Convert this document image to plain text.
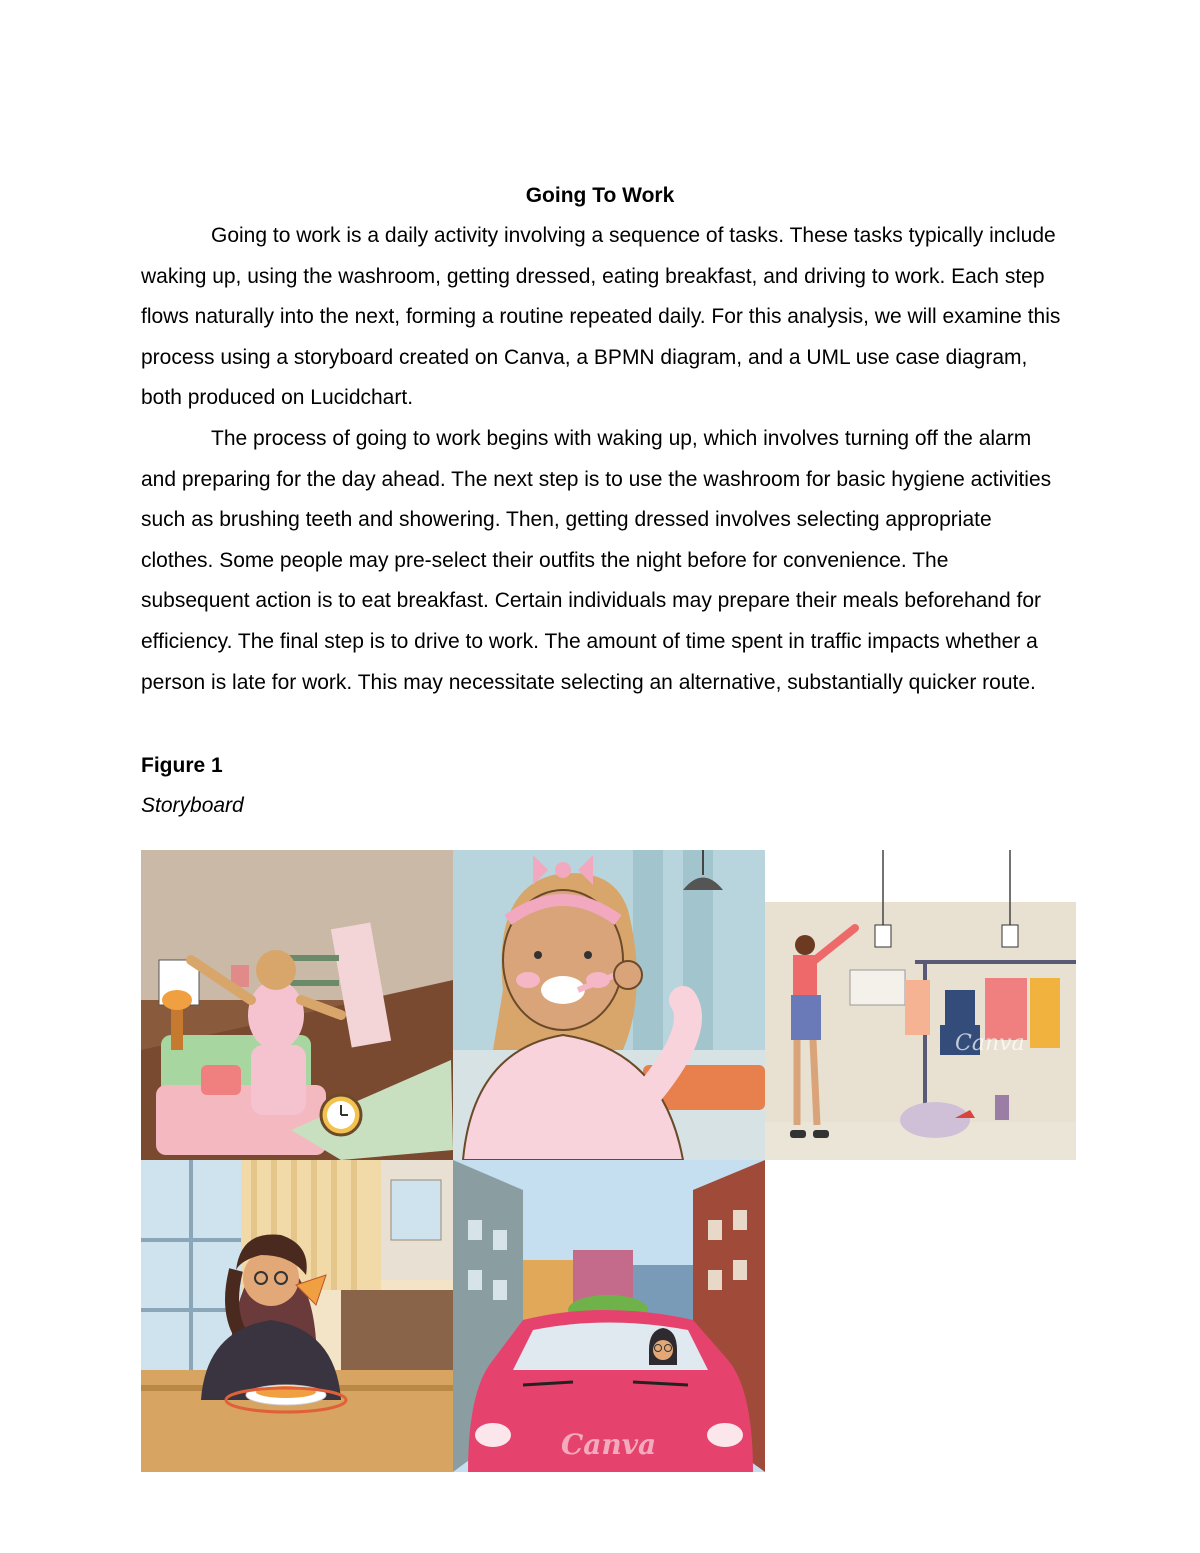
Going To Work

Going to work is a daily activity involving a sequence of tasks. These tasks typically include waking up, using the washroom, getting dressed, eating breakfast, and driving to work. Each step flows naturally into the next, forming a routine repeated daily. For this analysis, we will examine this process using a storyboard created on Canva, a BPMN diagram, and a UML use case diagram, both produced on Lucidchart.

The process of going to work begins with waking up, which involves turning off the alarm and preparing for the day ahead. The next step is to use the washroom for basic hygiene activities such as brushing teeth and showering. Then, getting dressed involves selecting appropriate clothes. Some people may pre-select their outfits the night before for convenience. The subsequent action is to eat breakfast. Certain individuals may prepare their meals beforehand for efficiency. The final step is to drive to work. The amount of time spent in traffic impacts whether a person is late for work. This may necessitate selecting an alternative, substantially quicker route.

Figure 1
Storyboard
Canva
Canva
